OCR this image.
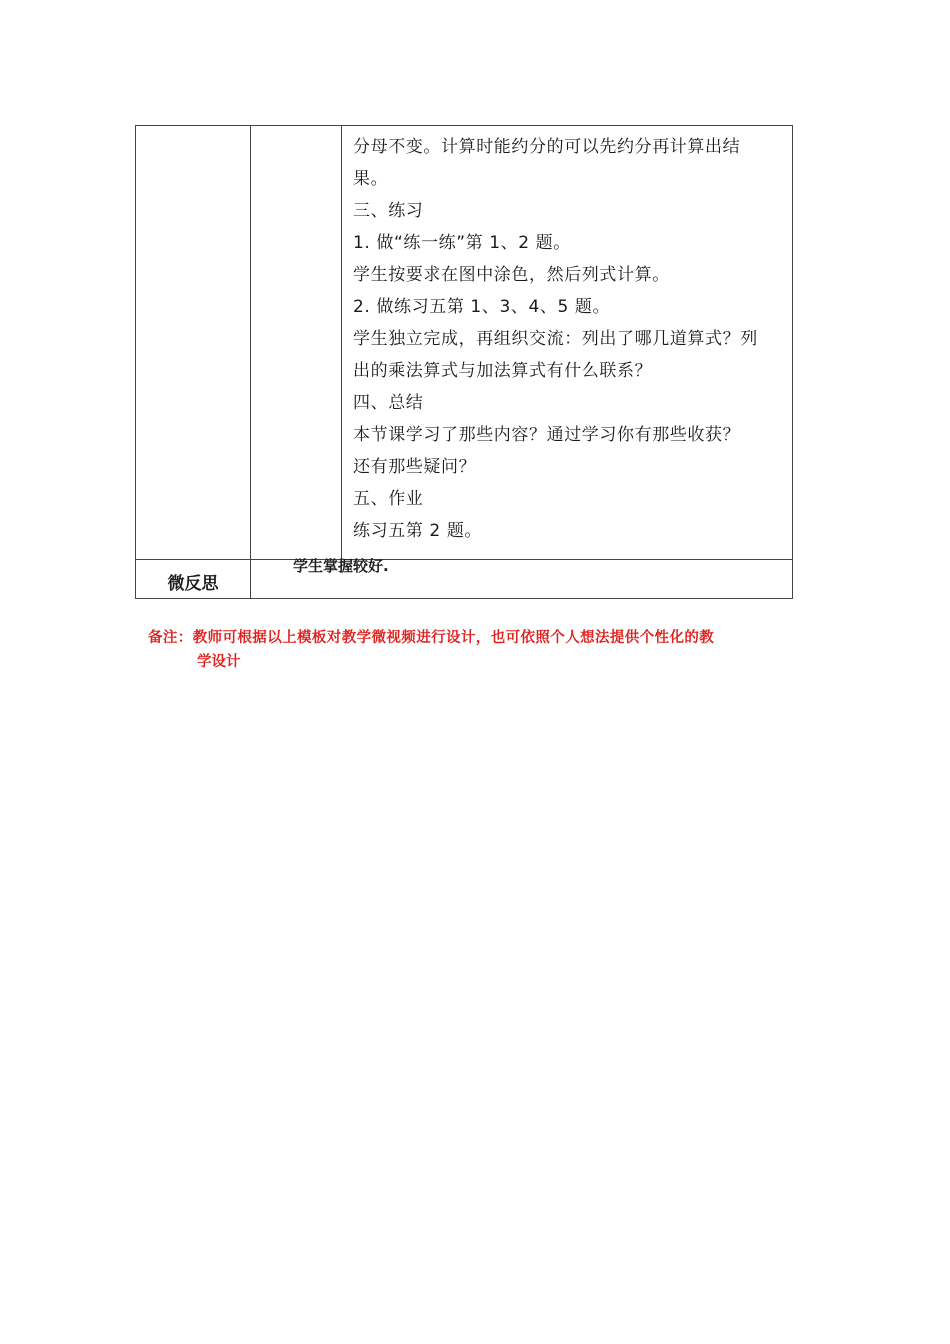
分母不变。计算时能约分的可以先约分再计算出结
果。
三、练习
1. 做“练一练”第 1、2 题。
学生按要求在图中涂色，然后列式计算。
2. 做练习五第 1、3、4、5 题。
学生独立完成，再组织交流：列出了哪几道算式？列
出的乘法算式与加法算式有什么联系？
四、总结
本节课学习了那些内容？通过学习你有那些收获？
还有那些疑问？
五、作业
练习五第 2 题。
微反思
学生掌握较好.
备注：教师可根据以上模板对教学微视频进行设计，也可依照个人想法提供个性化的教
学设计
